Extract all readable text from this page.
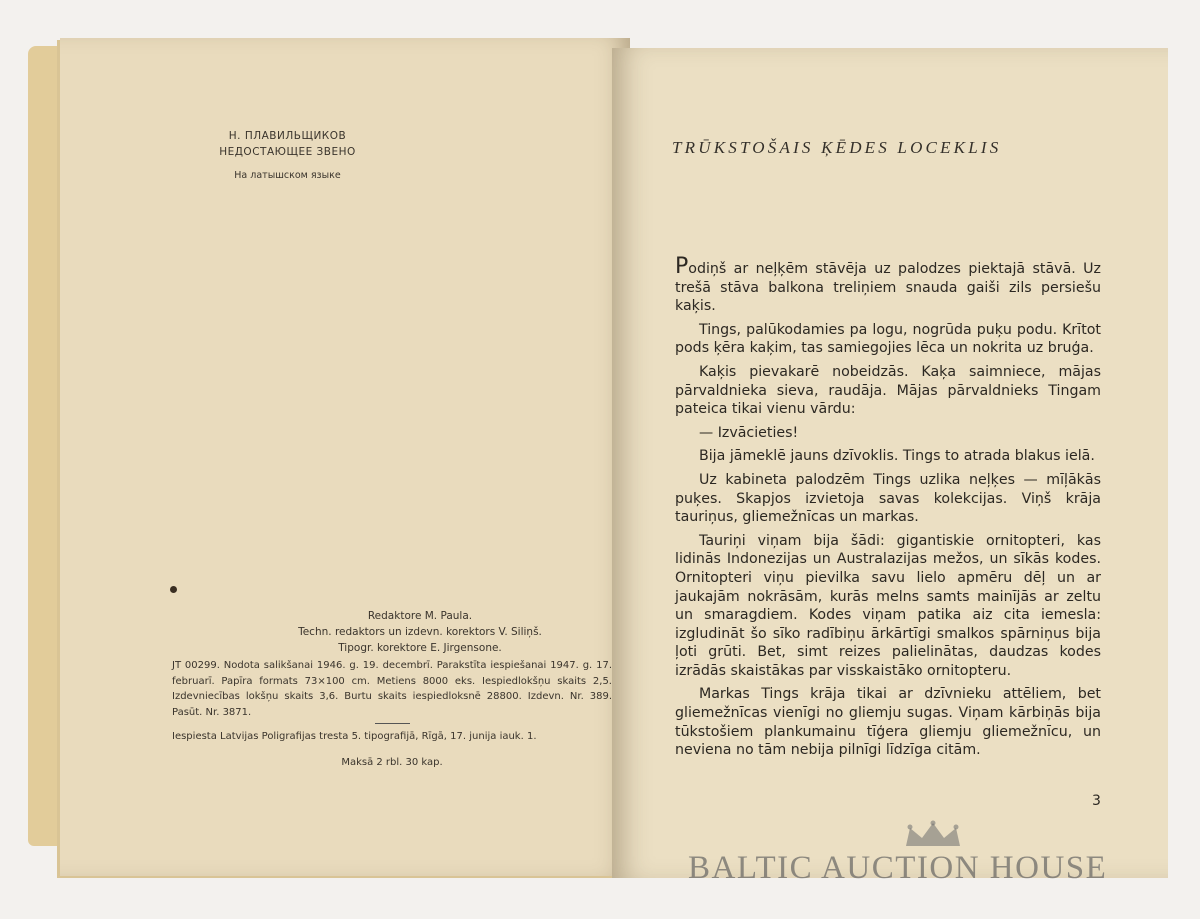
Н. ПЛАВИЛЬЩИКОВ
НЕДОСТАЮЩЕЕ ЗВЕНО
На латышском языке
Redaktore M. Paula.
Techn. redaktors un izdevn. korektors V. Siliņš.
Tipogr. korektore E. Jirgensone.
JT 00299. Nodota salikšanai 1946. g. 19. decembrī. Parakstīta iespiešanai 1947. g. 17. februarī. Papīra formats 73×100 cm. Metiens 8000 eks. Iespiedlokšņu skaits 2,5. Izdevniecības lokšņu skaits 3,6. Burtu skaits iespiedloksnē 28800. Izdevn. Nr. 389. Pasūt. Nr. 3871.
Iespiesta Latvijas Poligrafijas tresta 5. tipografijā, Rīgā, 17. junija iauk. 1.
Maksā 2 rbl. 30 kap.
TRŪKSTOŠAIS ĶĒDES LOCEKLIS

Podiņš ar neļķēm stāvēja uz palodzes piektajā stāvā. Uz trešā stāva balkona treliņiem snauda gaiši zils persiešu kaķis.

Tings, palūkodamies pa logu, nogrūda puķu podu. Krītot pods ķēra kaķim, tas samiegojies lēca un nokrita uz bruģa.

Kaķis pievakarē nobeidzās. Kaķa saimniece, mājas pārvaldnieka sieva, raudāja. Mājas pārvaldnieks Tingam pateica tikai vienu vārdu:

— Izvācieties!

Bija jāmeklē jauns dzīvoklis. Tings to atrada blakus ielā.

Uz kabineta palodzēm Tings uzlika neļķes — mīļākās puķes. Skapjos izvietoja savas kolekcijas. Viņš krāja tauriņus, gliemežnīcas un markas.

Tauriņi viņam bija šādi: gigantiskie ornitopteri, kas lidinās Indonezijas un Australazijas mežos, un sīkās kodes. Ornitopteri viņu pievilka savu lielo apmēru dēļ un ar jaukajām nokrāsām, kurās melns samts mainījās ar zeltu un smaragdiem. Kodes viņam patika aiz cita iemesla: izgludināt šo sīko radībiņu ārkārtīgi smalkos spārniņus bija ļoti grūti. Bet, simt reizes palielinātas, daudzas kodes izrādās skaistākas par visskaistāko ornitopteru.

Markas Tings krāja tikai ar dzīvnieku attēliem, bet gliemežnīcas vienīgi no gliemju sugas. Viņam kārbiņās bija tūkstošiem plankumainu tīģera gliemju gliemežnīcu, un neviena no tām nebija pilnīgi līdzīga citām.

3
BALTIC AUCTION HOUSE
